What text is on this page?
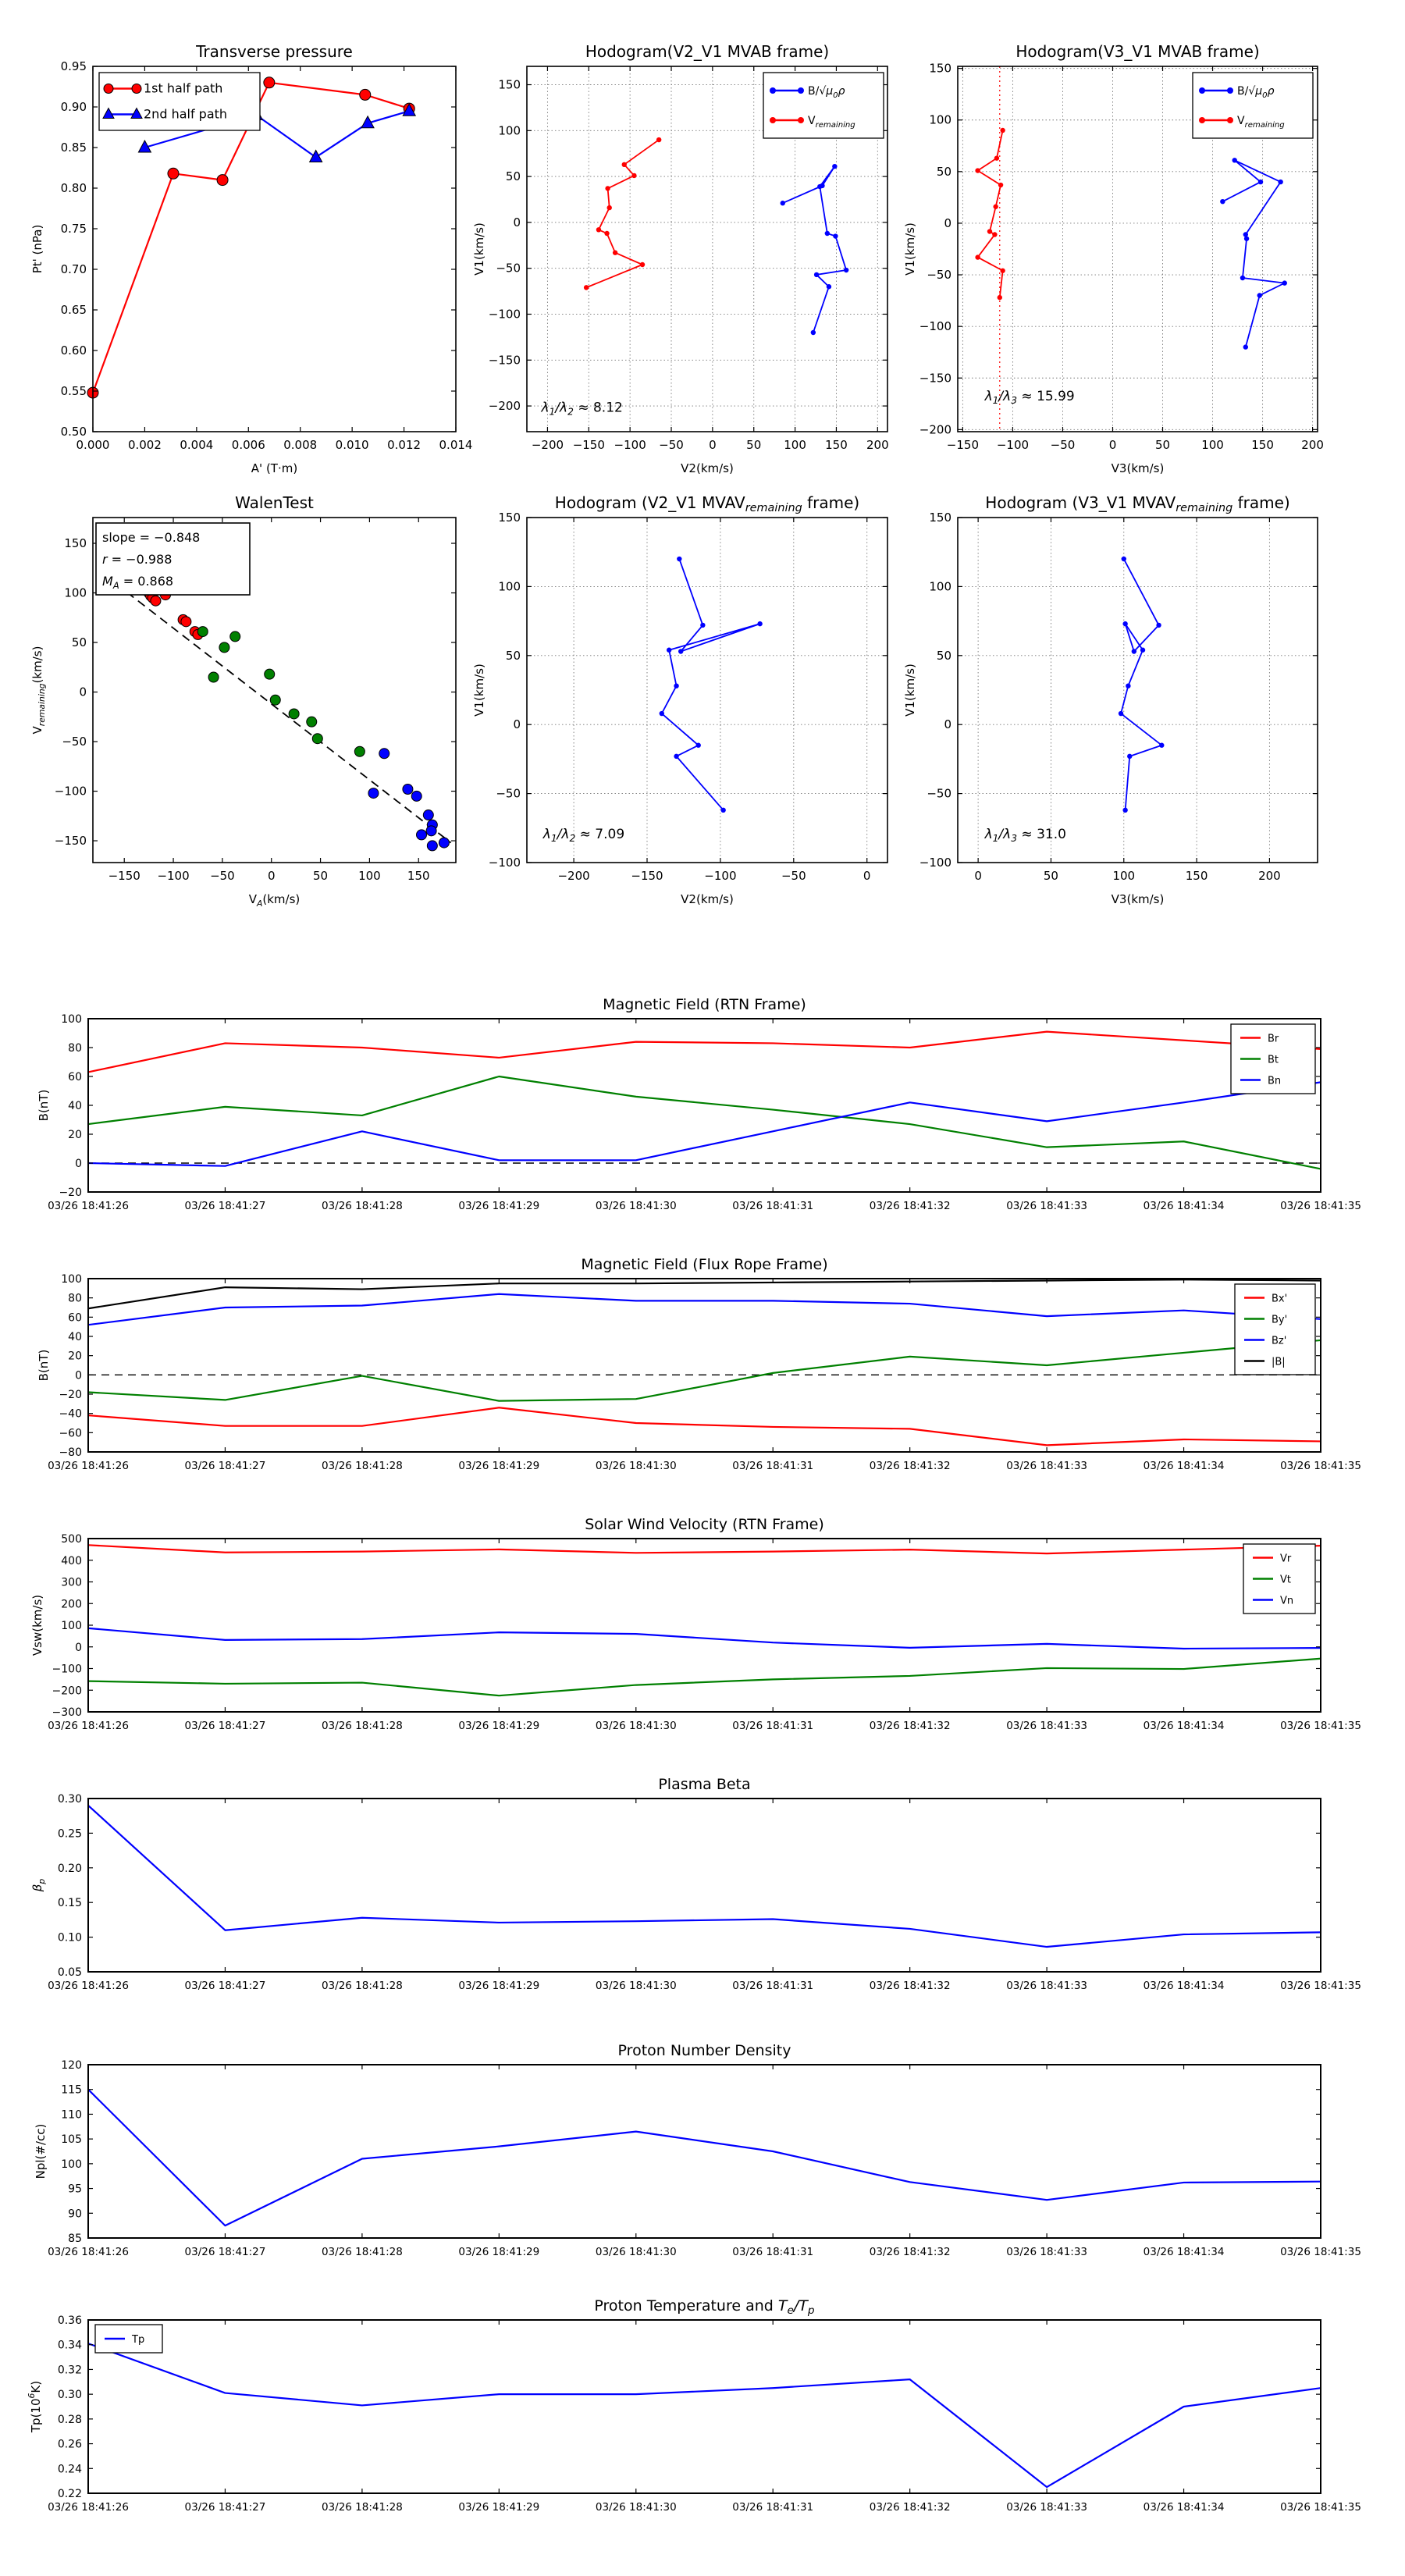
0.000 0.002 0.004 0.006 0.008 0.010 0.012 0.014
0.50
0.55
0.60
0.65
0.70
0.75
0.80
0.85
0.90
0.95
Transverse pressure
A' (T·m)
Pt' (nPa)
1st half path
2nd half path
−200 −150 −100 −50 0	50 100 150 200
−200
−150
−100
−50
0
50
100
150
Hodogram(V2_V1 MVAB frame)
V2(km/s)
V1(km/s)
$B/√\mu_0\rho$
$V_{remaining}$
$\lambda_1/\lambda_2 \approx 8.12$
−150 −100 −50	0	50	100 150 200
−200
−150
−100
−50
0
50
100
150
Hodogram(V3_V1 MVAB frame)
V3(km/s)
V1(km/s)
$B/√\mu_0\rho$
$V_{remaining}$
$\lambda_1/\lambda_3 \approx 15.99$
−150 −100 −50	0	50	100 150
−150
−100
−50
0
50
100
150
WalenTest
$V_A(km/s)$
$V_{remaining}(km/s)$
slope = −0.848
r = −0.988
$M_A = 0.868$
−200	−150	−100	−50	0
−100
−50
0
50
100
150
Hodogram (V2_V1 $MVAV_{remaining}$ frame)
V2(km/s)
V1(km/s)
$\lambda_1/\lambda_2 \approx 7.09$
0	50	100	150	200
−100
−50
0
50
100
150
Hodogram (V3_V1 $MVAV_{remaining}$ frame)
V3(km/s)
V1(km/s)
$\lambda_1/\lambda_3 \approx 31.0$
03/26 18:41:26	03/26 18:41:27	03/26 18:41:28	03/26 18:41:29	03/26 18:41:30	03/26 18:41:31	03/26 18:41:32	03/26 18:41:33	03/26 18:41:34	03/26 18:41:35
−20
0
20
40
60
80
100
Magnetic Field (RTN Frame)
B(nT)
Br
Bt
Bn
03/26 18:41:26	03/26 18:41:27	03/26 18:41:28	03/26 18:41:29	03/26 18:41:30	03/26 18:41:31	03/26 18:41:32	03/26 18:41:33	03/26 18:41:34	03/26 18:41:35
−80
−60
−40
−20
0
20
40
60
80
100
Magnetic Field (Flux Rope Frame)
B(nT)
Bx'
By'
Bz'
|B|
03/26 18:41:26	03/26 18:41:27	03/26 18:41:28	03/26 18:41:29	03/26 18:41:30	03/26 18:41:31	03/26 18:41:32	03/26 18:41:33	03/26 18:41:34	03/26 18:41:35
−300
−200
−100
0
100
200
300
400
500
Solar Wind Velocity (RTN Frame)
Vsw(km/s)
Vr
Vt
Vn
03/26 18:41:26	03/26 18:41:27	03/26 18:41:28	03/26 18:41:29	03/26 18:41:30	03/26 18:41:31	03/26 18:41:32	03/26 18:41:33	03/26 18:41:34	03/26 18:41:35
0.05
0.10
0.15
0.20
0.25
0.30
Plasma Beta
$\beta_p$
03/26 18:41:26	03/26 18:41:27	03/26 18:41:28	03/26 18:41:29	03/26 18:41:30	03/26 18:41:31	03/26 18:41:32	03/26 18:41:33	03/26 18:41:34	03/26 18:41:35
85
90
95
100
105
110
115
120
Proton Number Density
Npl(#/cc)
03/26 18:41:26	03/26 18:41:27	03/26 18:41:28	03/26 18:41:29	03/26 18:41:30	03/26 18:41:31	03/26 18:41:32	03/26 18:41:33	03/26 18:41:34	03/26 18:41:35
0.22
0.24
0.26
0.28
0.30
0.32
0.34
0.36
Proton Temperature and $T_e/T_p$
$Tp(10^6K)$
Tp
